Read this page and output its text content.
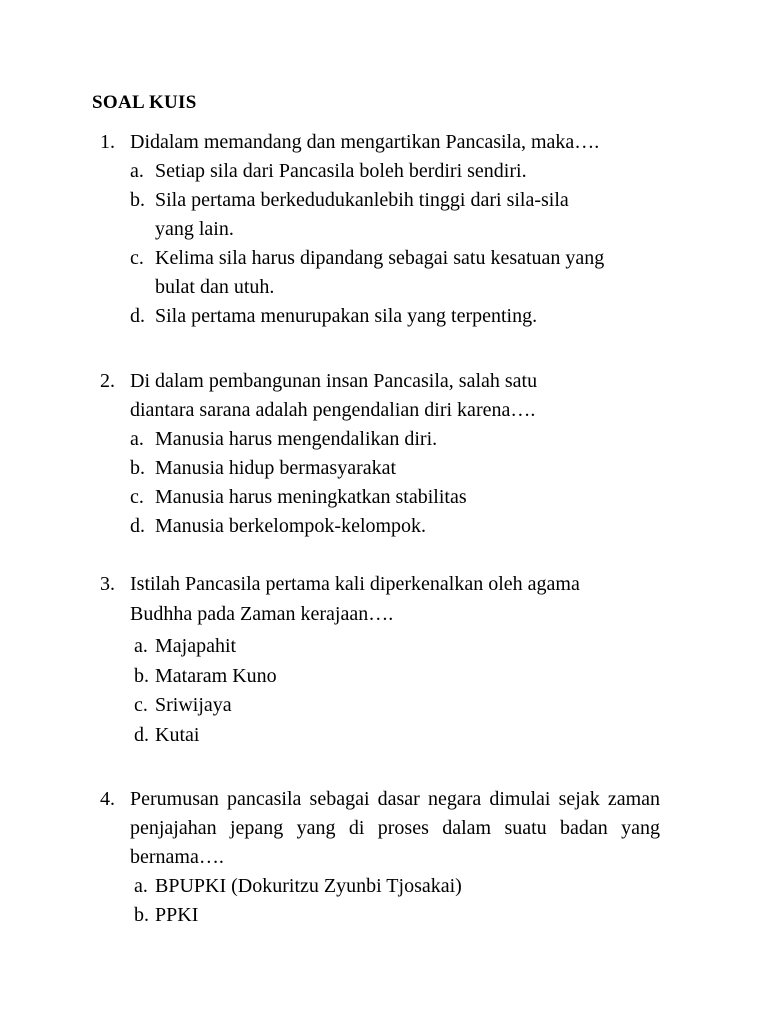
SOAL KUIS
1. Didalam memandang dan mengartikan Pancasila, maka….
a. Setiap sila dari Pancasila boleh berdiri sendiri.
b. Sila pertama berkedudukanlebih tinggi dari sila-sila yang lain.
c. Kelima sila harus dipandang sebagai satu kesatuan yang bulat dan utuh.
d. Sila pertama menurupakan sila yang terpenting.
2. Di dalam pembangunan insan Pancasila, salah satu diantara sarana adalah pengendalian diri karena….
a. Manusia harus mengendalikan diri.
b. Manusia hidup bermasyarakat
c. Manusia harus meningkatkan stabilitas
d. Manusia berkelompok-kelompok.
3. Istilah Pancasila pertama kali diperkenalkan oleh agama Budhha pada Zaman kerajaan….
a. Majapahit
b. Mataram Kuno
c. Sriwijaya
d. Kutai
4. Perumusan pancasila sebagai dasar negara dimulai sejak zaman penjajahan jepang yang di proses dalam suatu badan yang bernama….
a. BPUPKI (Dokuritzu Zyunbi Tjosakai)
b. PPKI
